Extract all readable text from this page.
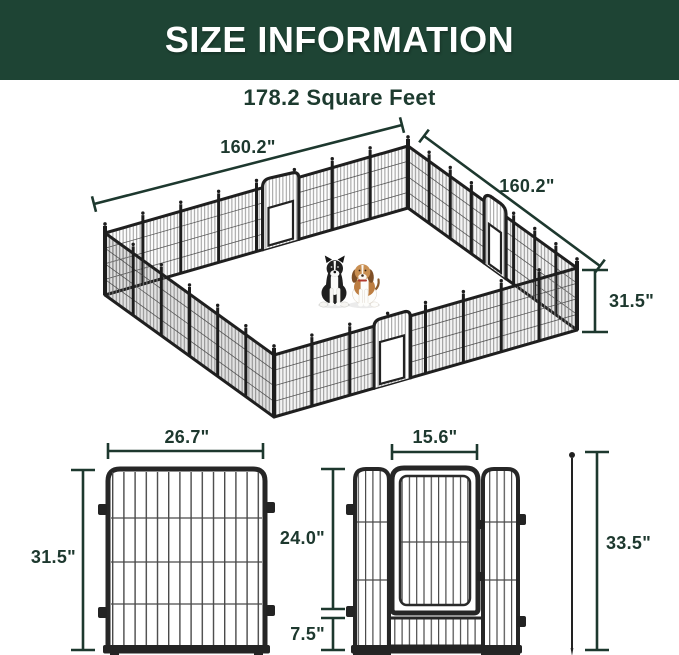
SIZE INFORMATION
178.2 Square Feet
160.2"
160.2"
31.5"
26.7"
31.5"
15.6"
24.0"
7.5"
33.5"
